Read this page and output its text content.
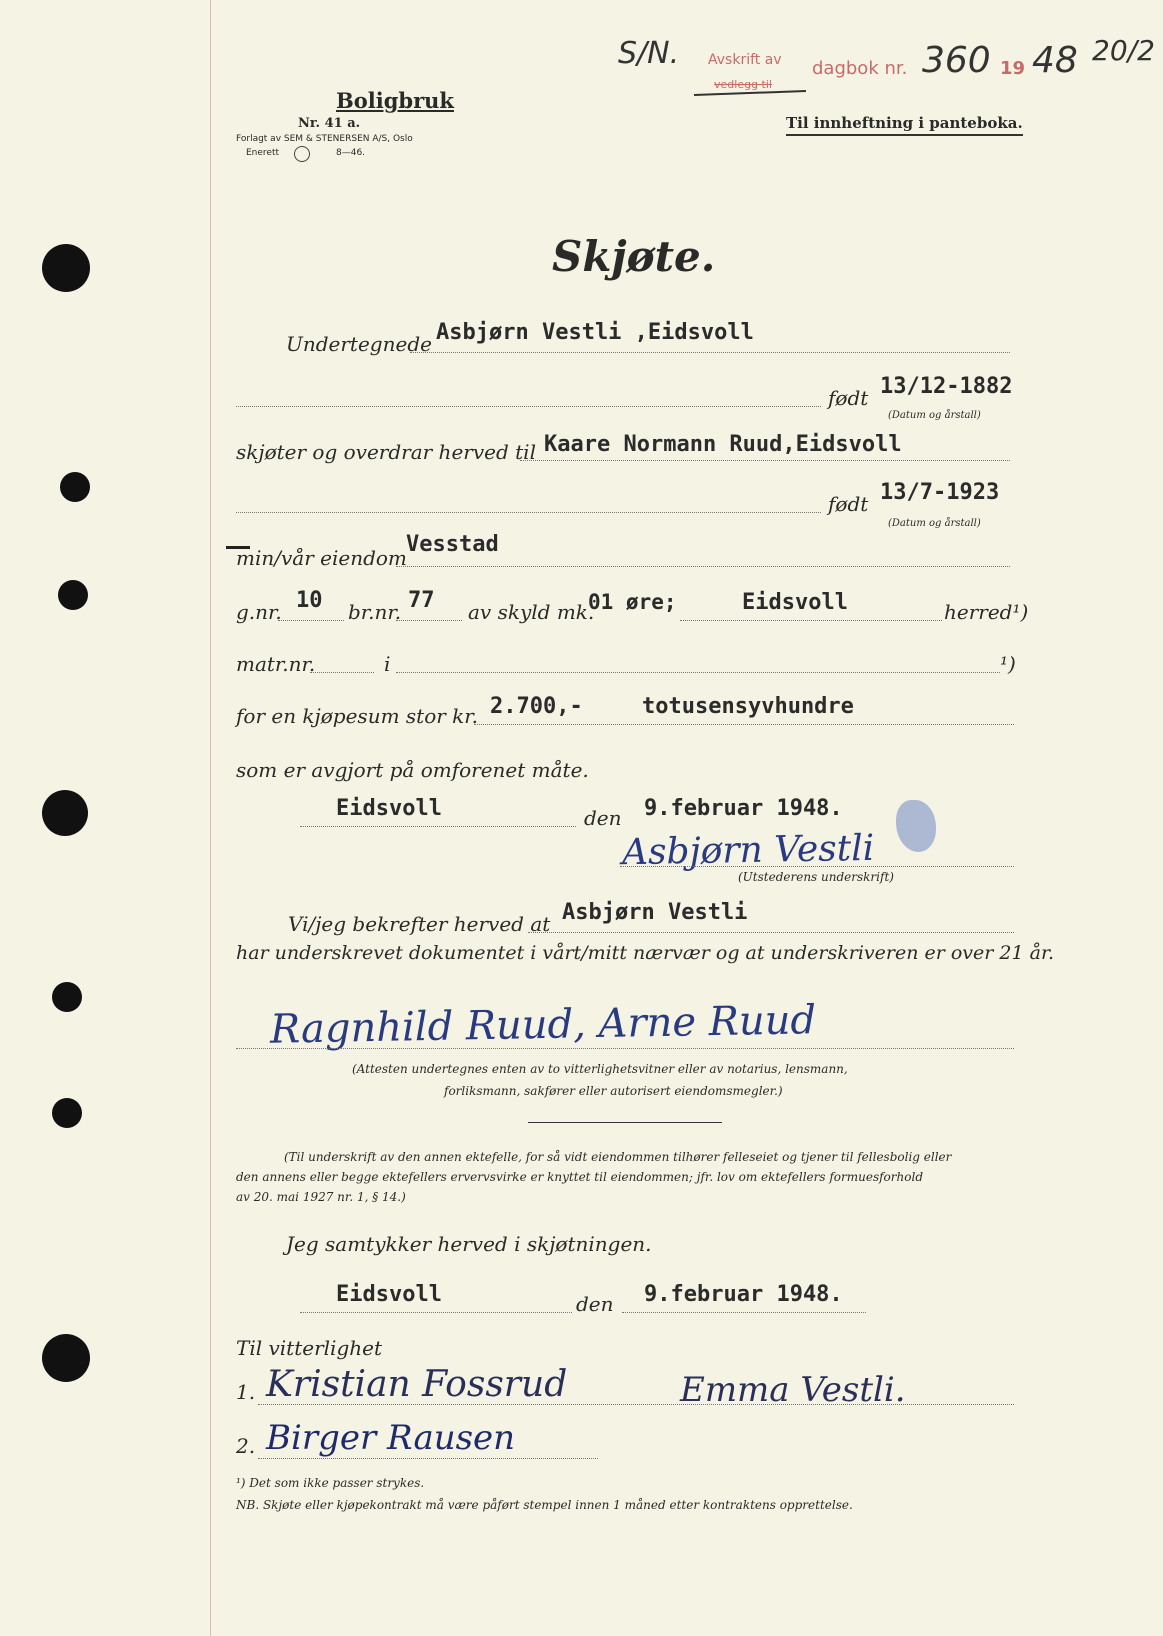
Boligbruk
Nr. 41 a.
Forlagt av SEM & STENERSEN A/S, Oslo
Enerett	8—46.
S/N. Avskrift av
vedlegg til
dagbok nr. 360 19 48 20/2
Til innheftning i panteboka.
Skjøte.
Undertegnede Asbjørn Vestli ,Eidsvoll
født 13/12-1882
(Datum og årstall)
skjøter og overdrar herved til Kaare Normann Ruud,Eidsvoll
født 13/7-1923
(Datum og årstall)
min/vår eiendom
Vesstad
g.nr. 10 br.nr. 77 av skyld mk.
01 øre;	Eidsvoll	herred¹)
matr.nr.	i	¹)
for en kjøpesum stor kr. 2.700,-	totusensyvhundre
som er avgjort på omforenet måte.
Eidsvoll	den 9.februar 1948.
Asbjørn Vestli
(Utstederens underskrift)
Vi/jeg bekrefter herved at Asbjørn Vestli
har underskrevet dokumentet i vårt/mitt nærvær og at underskriveren er over 21 år.
Ragnhild Ruud, Arne Ruud
(Attesten undertegnes enten av to vitterlighetsvitner eller av notarius, lensmann,
forliksmann, sakfører eller autorisert eiendomsmegler.)
(Til underskrift av den annen ektefelle, for så vidt eiendommen tilhører felleseiet og tjener til fellesbolig eller
den annens eller begge ektefellers ervervsvirke er knyttet til eiendommen; jfr. lov om ektefellers formuesforhold
av 20. mai 1927 nr. 1, § 14.)
Jeg samtykker herved i skjøtningen.
Eidsvoll	den 9.februar 1948.
Til vitterlighet
1. Kristian Fossrud	Emma Vestli.
2. Birger Rausen
¹) Det som ikke passer strykes.
NB. Skjøte eller kjøpekontrakt må være påført stempel innen 1 måned etter kontraktens opprettelse.
